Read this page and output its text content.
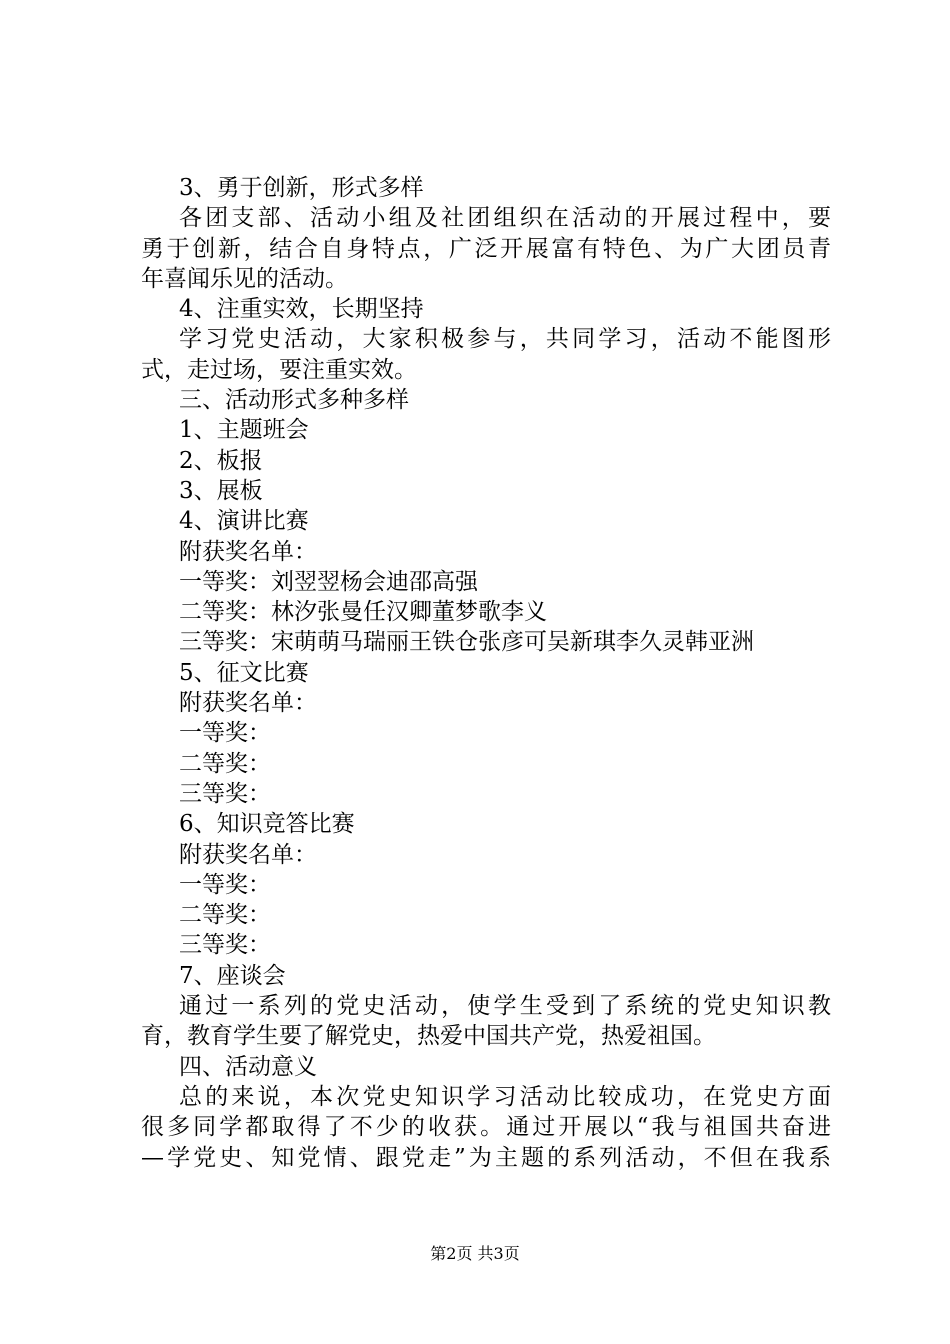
3、勇于创新，形式多样
各团支部、活动小组及社团组织在活动的开展过程中，要
勇于创新，结合自身特点，广泛开展富有特色、为广大团员青
年喜闻乐见的活动。
4、注重实效，长期坚持
学习党史活动，大家积极参与，共同学习，活动不能图形
式，走过场，要注重实效。
三、活动形式多种多样
1、主题班会
2、板报
3、展板
4、演讲比赛
附获奖名单：
一等奖：刘翌翌杨会迪邵高强
二等奖：林汐张曼任汉卿董梦歌李义
三等奖：宋萌萌马瑞丽王铁仓张彦可吴新琪李久灵韩亚洲
5、征文比赛
附获奖名单：
一等奖：
二等奖：
三等奖：
6、知识竞答比赛
附获奖名单：
一等奖：
二等奖：
三等奖：
7、座谈会
通过一系列的党史活动，使学生受到了系统的党史知识教
育，教育学生要了解党史，热爱中国共产党，热爱祖国。
四、活动意义
总的来说，本次党史知识学习活动比较成功，在党史方面
很多同学都取得了不少的收获。通过开展以“我与祖国共奋进
—学党史、知党情、跟党走”为主题的系列活动，不但在我系
第2页 共3页
